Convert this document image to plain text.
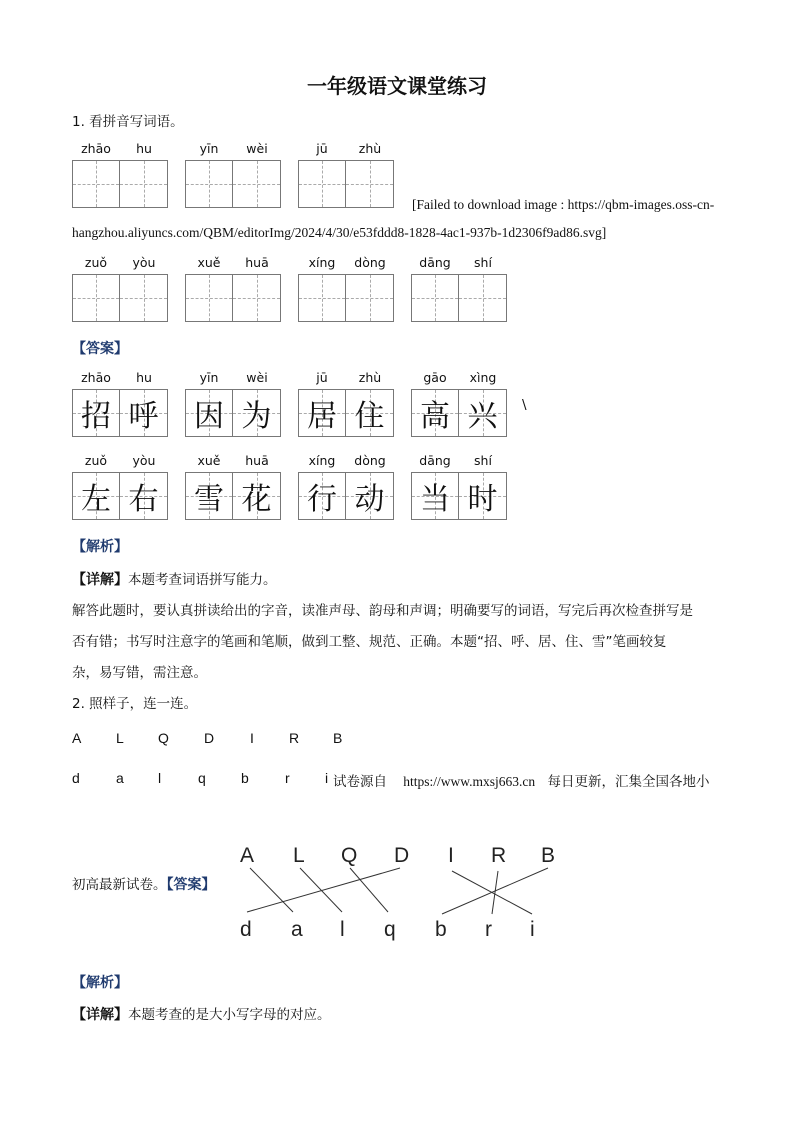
一年级语文课堂练习
1. 看拼音写词语。
zhāo	hu	yīn	wèi	jū	zhù
[Failed to download image : https://qbm-images.oss-cn-
hangzhou.aliyuncs.com/QBM/editorImg/2024/4/30/e53fddd8-1828-4ac1-937b-1d2306f9ad86.svg]
zuǒ	yòu	xuě	huā	xíng	dòng	dāng	shí
【答案】
zhāo	hu
招 呼
yīn	wèi
因 为
jū	zhù
居 住
gāo	xìng
高 兴	\
zuǒ	yòu
左 右
xuě	huā
雪 花
xíng	dòng
行 动
dāng	shí
当 时
【解析】
【详解】本题考查词语拼写能力。
解答此题时，要认真拼读给出的字音，读准声母、韵母和声调；明确要写的词语，写完后再次检查拼写是
否有错；书写时注意字的笔画和笔顺，做到工整、规范、正确。本题“招、呼、居、住、雪”笔画较复
杂，易写错，需注意。
2. 照样子，连一连。
A L Q	D	I	R B
d	a l	q	b	r	i 试卷源自 https://www.mxsj663.cn 每日更新，汇集全国各地小
初高最新试卷。【答案】
A L Q D I R B
d a l q b r i
【解析】
【详解】本题考查的是大小写字母的对应。
